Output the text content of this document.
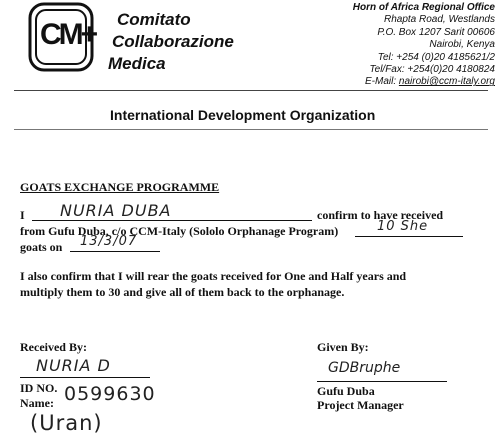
CM+ Comitato
Collaborazione
Medica
Horn of Africa Regional Office
Rhapta Road, Westlands
P.O. Box 1207 Sarit 00606
Nairobi, Kenya
Tel: +254 (0)20 4185621/2
Tel/Fax: +254(0)20 4180824
E-Mail: nairobi@ccm-italy.org
International Development Organization
GOATS EXCHANGE PROGRAMME
I NURIA DUBA	confirm to have received
from Gufu Duba, c/o CCM-Italy (Sololo Orphanage Program)	10 She
goats on 13/3/07
I also confirm that I will rear the goats received for One and Half years and
multiply them to 30 and give all of them back to the orphanage.
Received By:
NURIA D
ID NO. 0599630
Name:
(Uran)
Given By:
GDBruphe
Gufu Duba
Project Manager
